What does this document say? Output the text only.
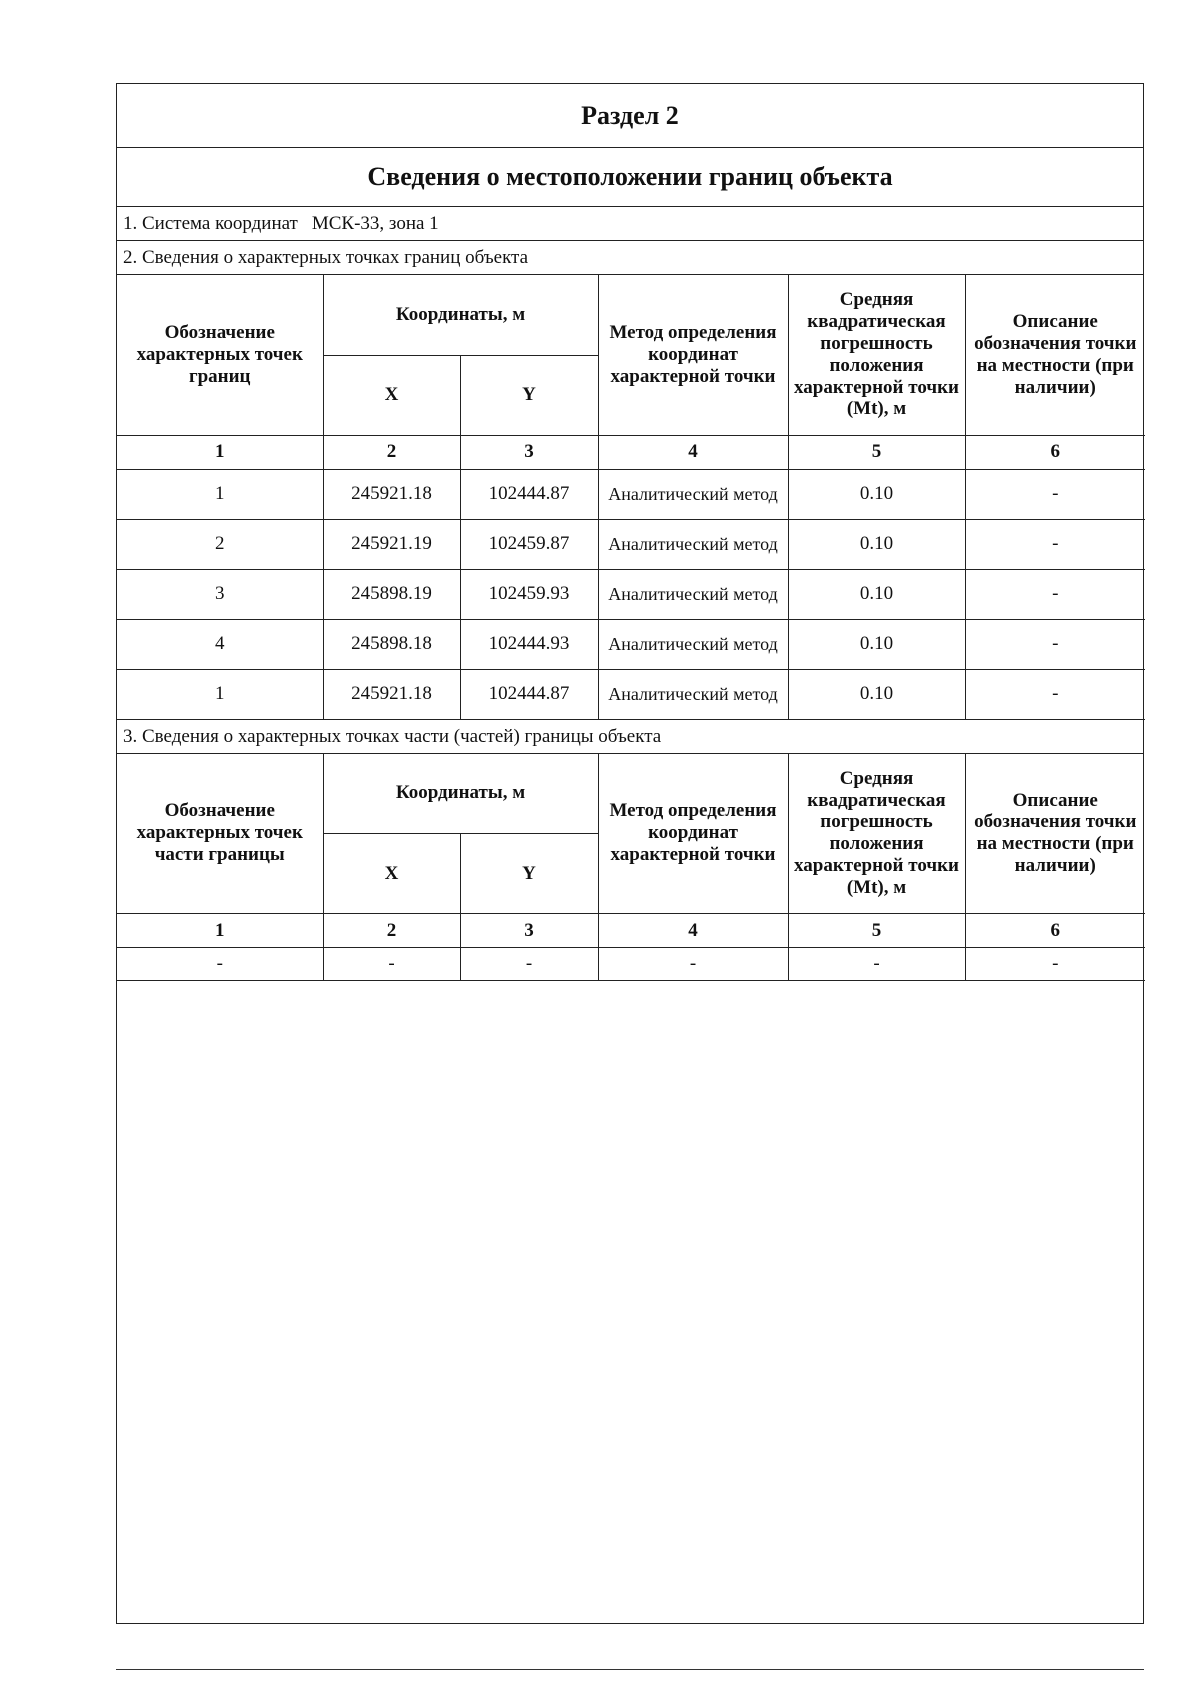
Раздел 2
Сведения о местоположении границ объекта
1. Система координат МСК-33, зона 1
2. Сведения о характерных точках границ объекта
Обозначение характерных точек границ	Координаты, м		Метод определения координат характерной точки	Средняя квадратическая погрешность положения характерной точки (Mt), м	Описание обозначения точки на местности (при наличии)
	X	Y			
1	2	3	4	5	6
1	245921.18	102444.87	Аналитический метод	0.10	-
2	245921.19	102459.87	Аналитический метод	0.10	-
3	245898.19	102459.93	Аналитический метод	0.10	-
4	245898.18	102444.93	Аналитический метод	0.10	-
1	245921.18	102444.87	Аналитический метод	0.10	-
3. Сведения о характерных точках части (частей) границы объекта
Обозначение характерных точек части границы	Координаты, м		Метод определения координат характерной точки	Средняя квадратическая погрешность положения характерной точки (Mt), м	Описание обозначения точки на местности (при наличии)
	X	Y			
1	2	3	4	5	6
-	-	-	-	-	-
